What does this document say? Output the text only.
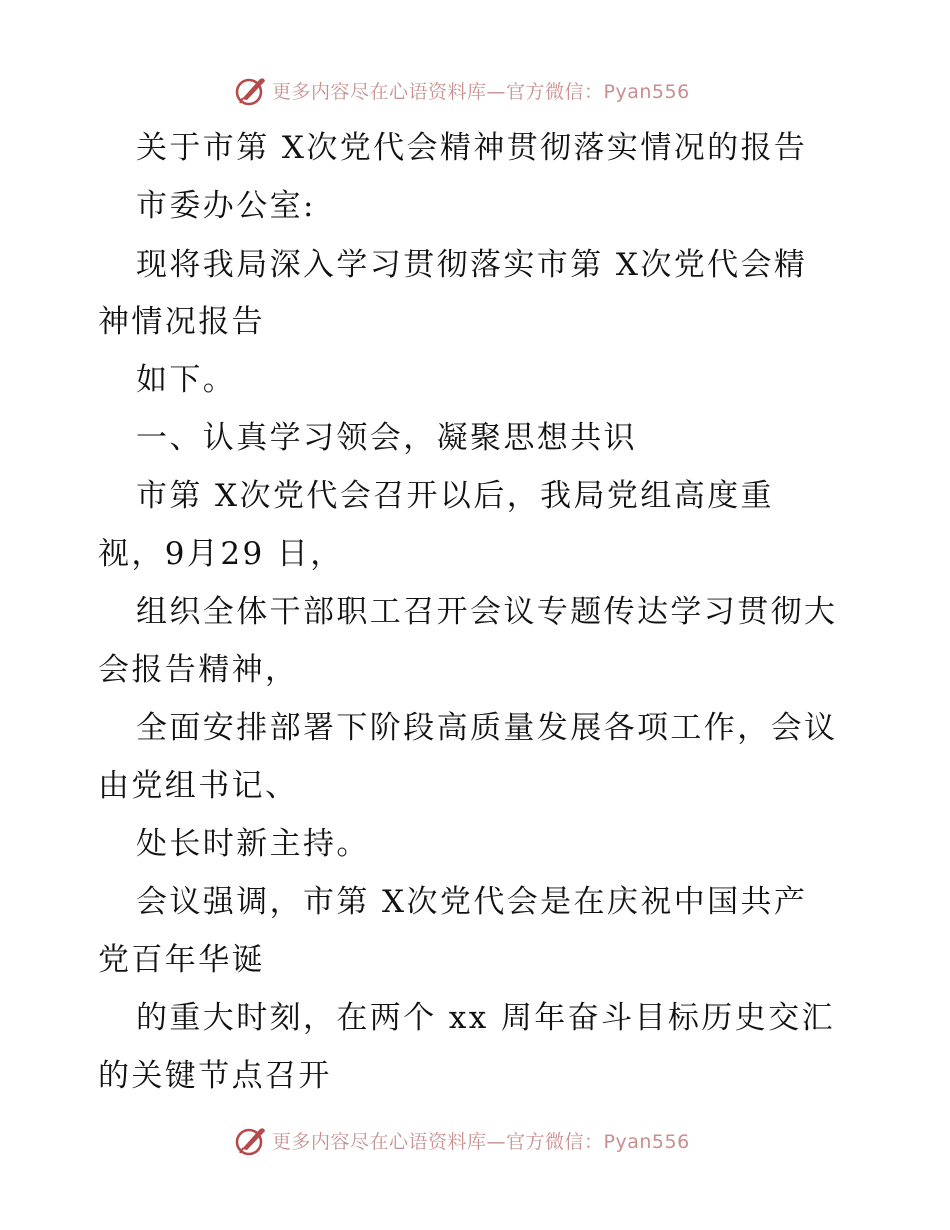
更多内容尽在心语资料库—官方微信：Pyan556

关于市第 X次党代会精神贯彻落实情况的报告

市委办公室:

现将我局深入学习贯彻落实市第 X次党代会精

神情况报告

如下。

一、认真学习领会，凝聚思想共识

市第 X次党代会召开以后，我局党组高度重

视，9月29 日，

组织全体干部职工召开会议专题传达学习贯彻大

会报告精神，

全面安排部署下阶段高质量发展各项工作，会议

由党组书记、

处长时新主持。

会议强调，市第 X次党代会是在庆祝中国共产

党百年华诞

的重大时刻，在两个 xx 周年奋斗目标历史交汇

的关键节点召开

更多内容尽在心语资料库—官方微信：Pyan556
